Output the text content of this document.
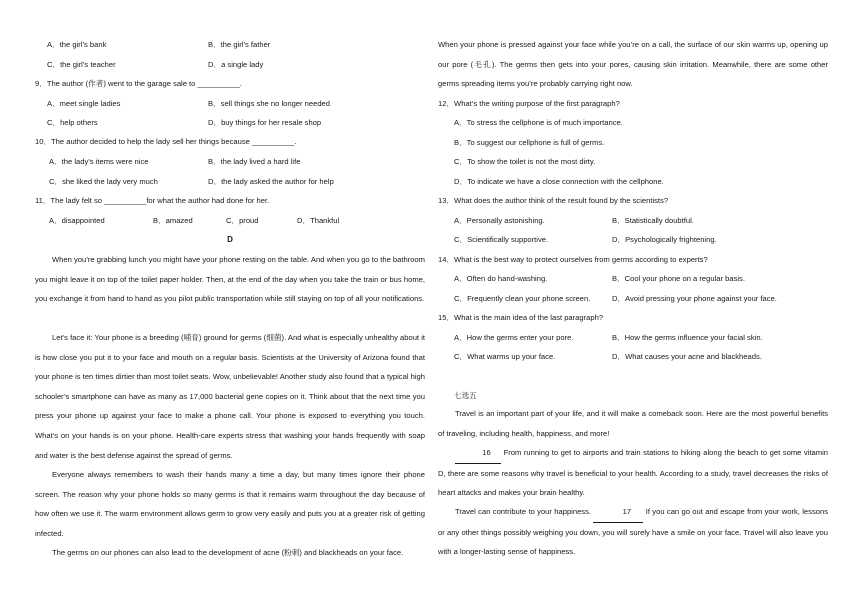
A．the girl’s bank	B．the girl’s father
C．the girl’s teacher	D．a single lady
9．The author (作者) went to the garage sale to __________.
A．meet single ladies	B．sell things she no longer needed
C．help others	D．buy things for her resale shop
10．The author decided to help the lady sell her things because __________.
A．the lady’s items were nice	B．the lady lived a hard life
C．she liked the lady very much	D．the lady asked the author for help
11．The lady felt so __________for what the author had done for her.
A．disappointed	B．amazed	C．proud	D．Thankful
D
When you’re grabbing lunch you might have your phone resting on the table. And when you go to the bathroom you might leave it on top of the toilet paper holder. Then, at the end of the day when you take the train or bus home, you exchange it from hand to hand as you pilot public transportation while still staying on top of all your notifications.
Let’s face it: Your phone is a breeding (哺育) ground for germs (细菌). And what is especially unhealthy about it is how close you put it to your face and mouth on a regular basis. Scientists at the University of Arizona found that your phone is ten times dirtier than most toilet seats. Wow, unbelievable! Another study also found that a typical high schooler’s smartphone can have as many as 17,000 bacterial gene copies on it. Think about that the next time you press your phone up against your face to make a phone call. Your phone is exposed to everything you touch. What’s on your hands is on your phone. Health-care experts stress that washing your hands frequently with soap and water is the best defense against the spread of germs.
Everyone always remembers to wash their hands many a time a day, but many times ignore their phone screen. The reason why your phone holds so many germs is that it remains warm throughout the day because of how often we use it. The warm environment allows germ to grow very easily and puts you at a greater risk of getting infected.
The germs on our phones can also lead to the development of acne (粉刺) and blackheads on your face.
When your phone is pressed against your face while you’re on a call, the surface of our skin warms up, opening up our pore (毛孔). The germs then gets into your pores, causing skin irritation. Meanwhile, there are some other germs spreading items you’re probably carrying right now.
12．What’s the writing purpose of the first paragraph?
A．To stress the cellphone is of much importance.
B．To suggest our cellphone is full of germs.
C．To show the toilet is not the most dirty.
D．To indicate we have a close connection with the cellphone.
13．What does the author think of the result found by the scientists?
A．Personally astonishing.	B．Statistically doubtful.
C．Scientifically supportive.	D．Psychologically frightening.
14．What is the best way to protect ourselves from germs according to experts?
A．Often do hand-washing.	B．Cool your phone on a regular basis.
C．Frequently clean your phone screen.	D．Avoid pressing your phone against your face.
15．What is the main idea of the last paragraph?
A．How the germs enter your pore.	B．How the germs influence your facial skin.
C．What warms up your face.	D．What causes your acne and blackheads.
七选五
Travel is an important part of your life, and it will make a comeback soon. Here are the most powerful benefits of traveling, including health, happiness, and more!
16 From running to get to airports and train stations to hiking along the beach to get some vitamin D, there are some reasons why travel is beneficial to your health. According to a study, travel decreases the risks of heart attacks and makes your brain healthy.
Travel can contribute to your happiness.	17 If you can go out and escape from your work, lessons or any other things possibly weighing you down, you will surely have a smile on your face. Travel will also leave you with a longer-lasting sense of happiness.
